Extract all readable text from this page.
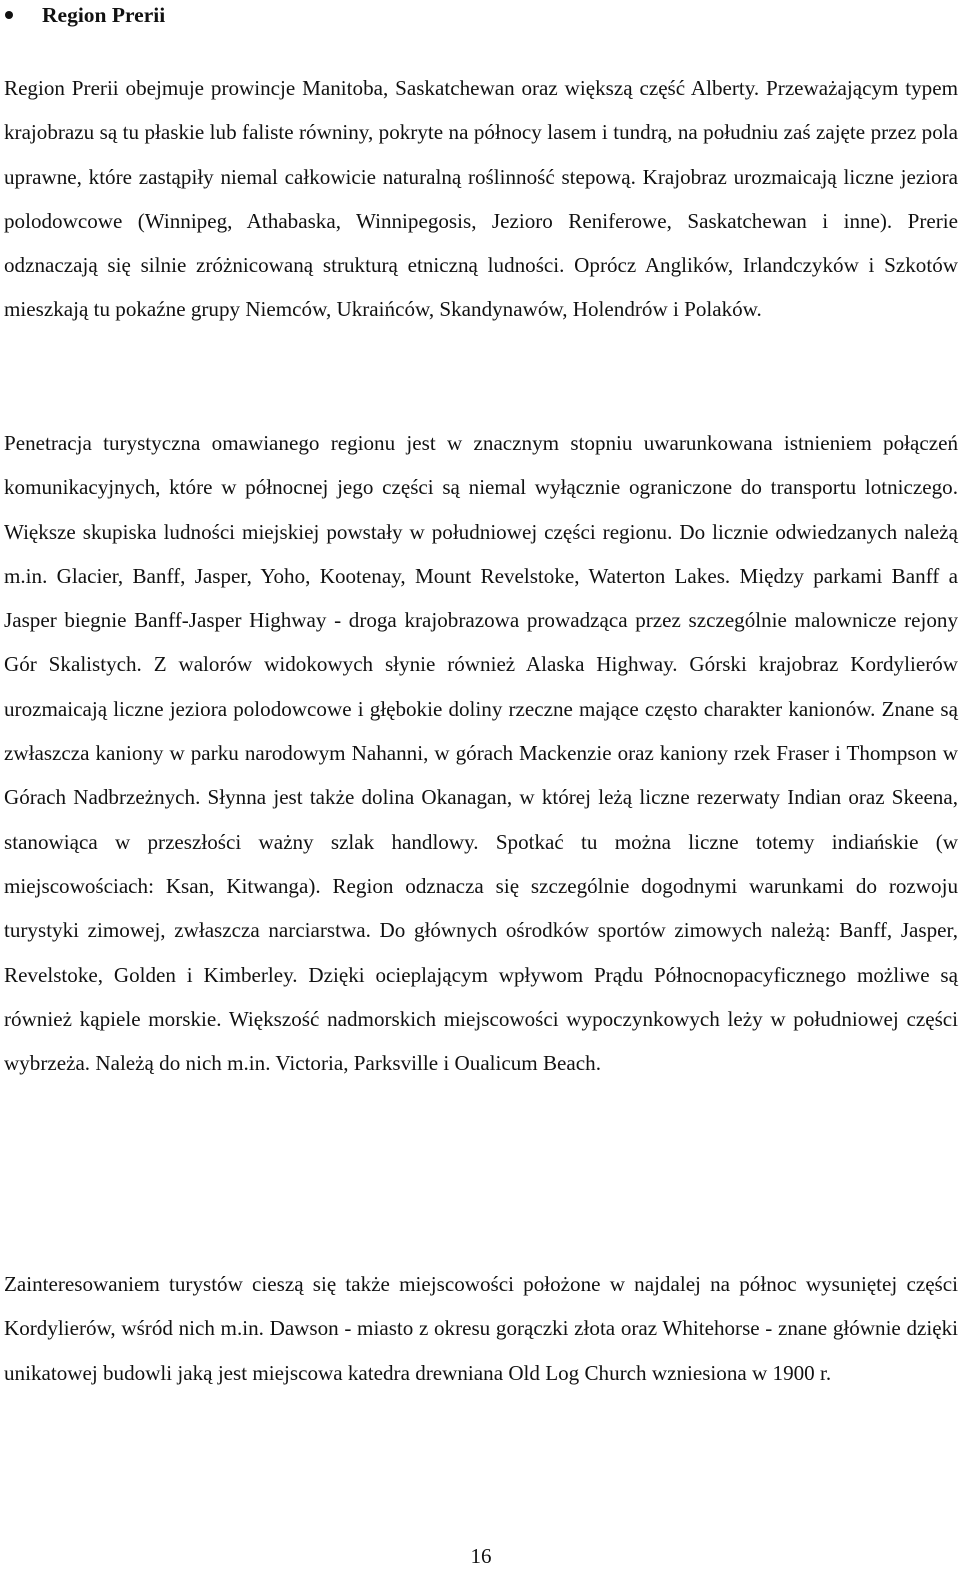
Region Prerii

Region Prerii obejmuje prowincje Manitoba, Saskatchewan oraz większą część Alberty. Przeważającym typem krajobrazu są tu płaskie lub faliste równiny, pokryte na północy lasem i tundrą, na południu zaś zajęte przez pola uprawne, które zastąpiły niemal całkowicie naturalną roślinność stepową. Krajobraz urozmaicają liczne jeziora polodowcowe (Winnipeg, Athabaska, Winnipegosis, Jezioro Reniferowe, Saskatchewan i inne). Prerie odznaczają się silnie zróżnicowaną strukturą etniczną ludności. Oprócz Anglików, Irlandczyków i Szkotów mieszkają tu pokaźne grupy Niemców, Ukraińców, Skandynawów, Holendrów i Polaków.

Penetracja turystyczna omawianego regionu jest w znacznym stopniu uwarunkowana istnieniem połączeń komunikacyjnych, które w północnej jego części są niemal wyłącznie ograniczone do transportu lotniczego. Większe skupiska ludności miejskiej powstały w południowej części regionu. Do licznie odwiedzanych należą m.in. Glacier, Banff, Jasper, Yoho, Kootenay, Mount Revelstoke, Waterton Lakes. Między parkami Banff a Jasper biegnie Banff-Jasper Highway - droga krajobrazowa prowadząca przez szczególnie malownicze rejony Gór Skalistych. Z walorów widokowych słynie również Alaska Highway. Górski krajobraz Kordylierów urozmaicają liczne jeziora polodowcowe i głębokie doliny rzeczne mające często charakter kanionów. Znane są zwłaszcza kaniony w parku narodowym Nahanni, w górach Mackenzie oraz kaniony rzek Fraser i Thompson w Górach Nadbrzeżnych. Słynna jest także dolina Okanagan, w której leżą liczne rezerwaty Indian oraz Skeena, stanowiąca w przeszłości ważny szlak handlowy. Spotkać tu można liczne totemy indiańskie (w miejscowościach: Ksan, Kitwanga). Region odznacza się szczególnie dogodnymi warunkami do rozwoju turystyki zimowej, zwłaszcza narciarstwa. Do głównych ośrodków sportów zimowych należą: Banff, Jasper, Revelstoke, Golden i Kimberley. Dzięki ocieplającym wpływom Prądu Północnopacyficznego możliwe są również kąpiele morskie. Większość nadmorskich miejscowości wypoczynkowych leży w południowej części wybrzeża. Należą do nich m.in. Victoria, Parksville i Oualicum Beach.

Zainteresowaniem turystów cieszą się także miejscowości położone w najdalej na północ wysuniętej części Kordylierów, wśród nich m.in. Dawson - miasto z okresu gorączki złota oraz Whitehorse - znane głównie dzięki unikatowej budowli jaką jest miejscowa katedra drewniana Old Log Church wzniesiona w 1900 r.

16
